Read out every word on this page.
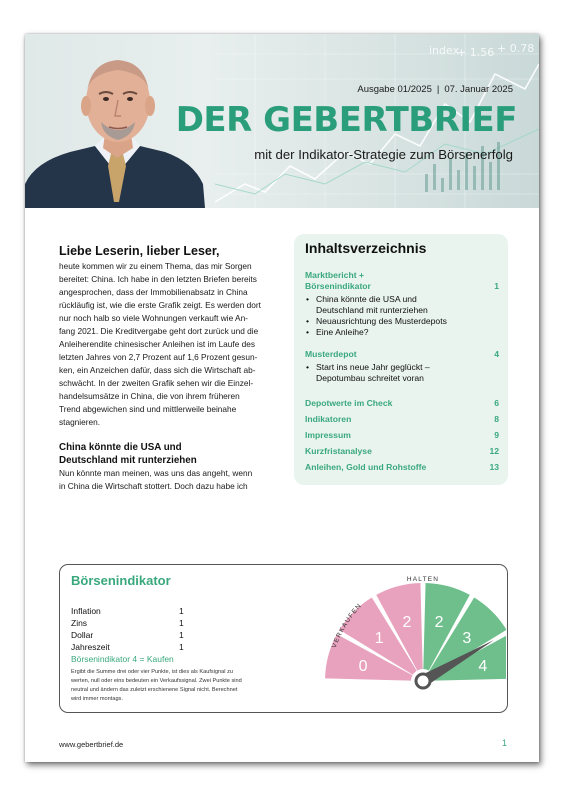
index
+ 1.56 + 0.78
Ausgabe 01/2025 | 07. Januar 2025
DER GEBERTBRIEF
mit der Indikator-Strategie zum Börsenerfolg
Liebe Leserin, lieber Leser,

heute kommen wir zu einem Thema, das mir Sorgen
bereitet: China. Ich habe in den letzten Briefen bereits
angesprochen, dass der Immobilienabsatz in China
rückläufig ist, wie die erste Grafik zeigt. Es werden dort
nur noch halb so viele Wohnungen verkauft wie An-
fang 2021. Die Kreditvergabe geht dort zurück und die
Anleiherendite chinesischer Anleihen ist im Laufe des
letzten Jahres von 2,7 Prozent auf 1,6 Prozent gesun-
ken, ein Anzeichen dafür, dass sich die Wirtschaft ab-
schwächt. In der zweiten Grafik sehen wir die Einzel-
handelsumsätze in China, die von ihrem früheren
Trend abgewichen sind und mittlerweile beinahe
stagnieren.

China könnte die USA und
Deutschland mit runterziehen

Nun könnte man meinen, was uns das angeht, wenn
in China die Wirtschaft stottert. Doch dazu habe ich

Inhaltsverzeichnis
Marktbericht +
Börsenindikator	1
• China könnte die USA und
Deutschland mit runterziehen
• Neuausrichtung des Musterdepots
• Eine Anleihe?
Musterdepot	4
• Start ins neue Jahr geglückt –
Depotumbau schreitet voran
Depotwerte im Check	6
Indikatoren	8
Impressum	9
Kurzfristanalyse	12
Anleihen, Gold und Rohstoffe	13
Börsenindikator
Inflation	1
Zins	1
Dollar	1
Jahreszeit	1
Börsenindikator 4 = Kaufen
Ergibt die Summe drei oder vier Punkte, ist dies als Kaufsignal zu
werten, null oder eins bedeuten ein Verkaufssignal. Zwei Punkte sind
neutral und ändern das zuletzt erschienene Signal nicht. Berechnet
wird immer montags.
0
1
2 2
3
4
VERKAUFEN
HALTEN
www.gebertbrief.de	1
